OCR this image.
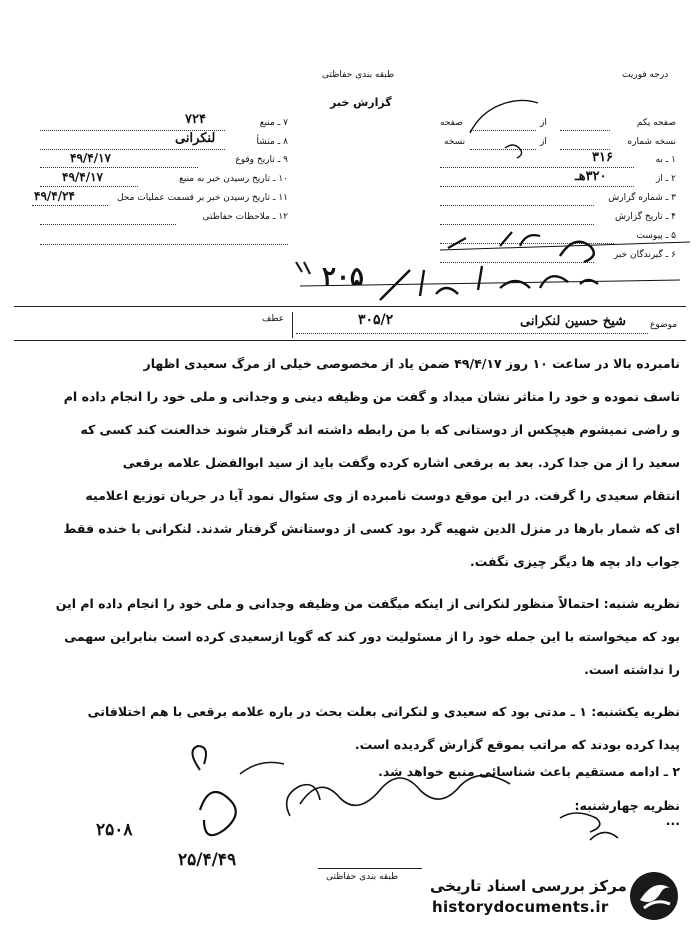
طبقه بندی حفاظتی
گزارش خبر
درجه فوریت
۷ ـ منبع
۷۲۴
۸ ـ منشأ
لنکرانی
۹ ـ تاریخ وقوع
۴۹/۴/۱۷
۱۰ ـ تاریخ رسیدن خبر به منبع
۴۹/۴/۱۷
۱۱ ـ تاریخ رسیدن خبر بر قسمت عملیات محل
۴۹/۴/۲۴
۱۲ ـ ملاحظات حفاظتی
صفحه یکم
از
صفحه
نسخه شماره
از
نسخه
۱ ـ به
۳۱۶
۲ ـ از
۳۲۰هـ
۳ ـ شماره گزارش
۴ ـ تاریخ گزارش
۵ ـ پیوست
۶ ـ گیرندگان خبر
۲۰۵
موضوع
شیخ حسین لنکرانی
۳۰۵/۲
عطف
نامبرده بالا در ساعت ۱۰ روز ۴۹/۴/۱۷ ضمن یاد از مخصوصی خیلی از مرگ سعیدی اظهار
تاسف نموده و خود را متاثر نشان میداد و گفت من وظیفه دینی و وجدانی و ملی خود را انجام داده ام
و راضی نمیشوم هیچکس از دوستانی که با من رابطه داشته اند گرفتار شوند خدالعنت کند کسی که
سعید را از من جدا کرد. بعد به برقعی اشاره کرده وگفت باید از سید ابوالفضل علامه برقعی
انتقام سعیدی را گرفت. در این موقع دوست نامبرده از وی سئوال نمود آیا در جریان توزیع اعلامیه
ای که شمار بارها در منزل الدین شهیه گرد بود کسی از دوستانش گرفتار شدند. لنکرانی با خنده فقط
جواب داد بچه ها دیگر چیزی نگفت.
نظریه شنبه: احتمالاً منظور لنکرانی از اینکه میگفت من وظیفه وجدانی و ملی خود را انجام داده ام این
بود که میخواسته با این جمله خود را از مسئولیت دور کند که گویا ازسعیدی کرده است بنابراین سهمی
را نداشته است.
نظریه یکشنبه: ۱ ـ مدتی بود که سعیدی و لنکرانی بعلت بحث در باره علامه برقعی با هم اختلافاتی
پیدا کرده بودند که مراتب بموقع گزارش گردیده است.
۲ ـ ادامه مستقیم باعث شناسائی منبع خواهد شد.
نظریه چهارشنبه: ...
۲۵۰۸
۲۵/۴/۴۹
طبقه بندی حفاظتی مرکز بررسی اسناد تاریخی
historydocuments.ir
